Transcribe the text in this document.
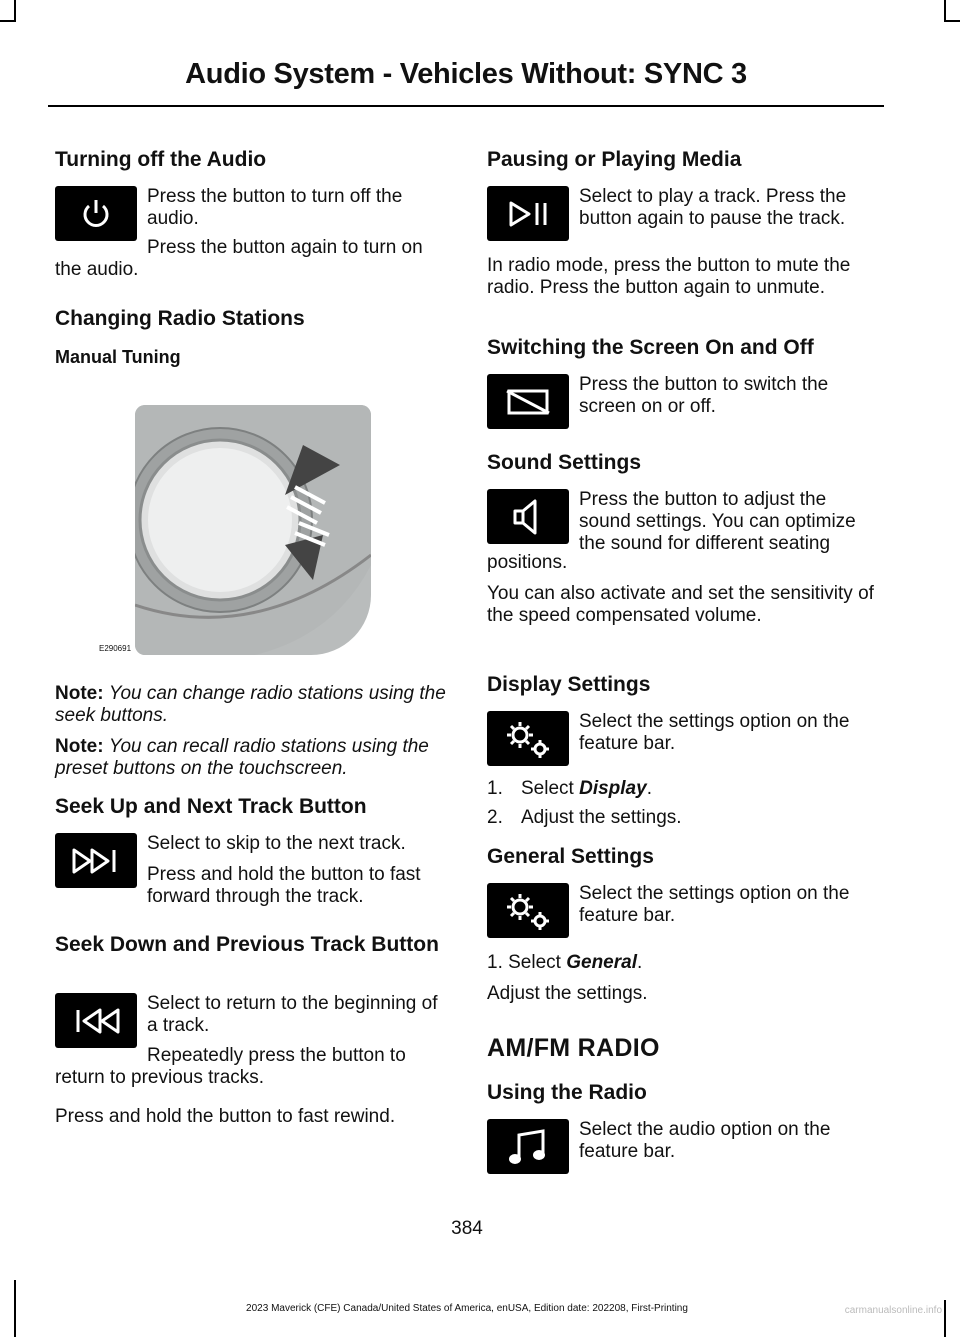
Audio System - Vehicles Without: SYNC 3
Turning off the Audio

Press the button to turn off the audio.

Press the button again to turn on

the audio.

Changing Radio Stations
Manual Tuning

Note: You can change radio stations using the seek buttons.

Note: You can recall radio stations using the preset buttons on the touchscreen.

Seek Up and Next Track Button

Select to skip to the next track.

Press and hold the button to fast forward through the track.

Seek Down and Previous Track Button

Select to return to the beginning of a track.

Repeatedly press the button to

return to previous tracks.

Press and hold the button to fast rewind.

E290691
Pausing or Playing Media

Select to play a track. Press the button again to pause the track.

In radio mode, press the button to mute the radio. Press the button again to unmute.

Switching the Screen On and Off

Press the button to switch the screen on or off.

Sound Settings

Press the button to adjust the sound settings. You can optimize the sound for different seating

positions.

You can also activate and set the sensitivity of the speed compensated volume.

Display Settings

Select the settings option on the feature bar.

1. Select Display.
2. Adjust the settings.
General Settings

Select the settings option on the feature bar.

1. Select General.

Adjust the settings.

AM/FM RADIO
Using the Radio

Select the audio option on the feature bar.

384
2023 Maverick (CFE) Canada/United States of America, enUSA, Edition date: 202208, First-Printing	carmanualsonline.info
